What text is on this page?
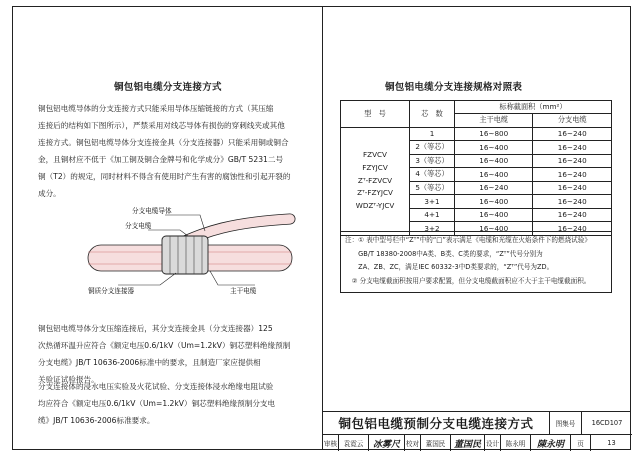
铜包铝电缆分支连接方式
铜包铝电缆导体的分支连接方式只能采用导体压缩链接的方式（其压缩
连接后的结构如下图所示），严禁采用对线芯导体有损伤的穿刺线夹或其他
连接方式。铜包铝电缆导体分支连接金具（分支连接器）只能采用铜或铜合
金，且铜材应不低于《加工铜及铜合金牌号和化学成分》GB/T 5231二号
铜（T2）的规定，同时材料不得含有使用时产生有害的腐蚀性和引起开裂的
成分。
分支电缆导体
分支电缆
铜质分支连接器	主干电缆
铜包铝电缆导体分支压缩连接后，其分支连接金具（分支连接器）125
次热循环温升应符合《额定电压0.6/1kV（Um=1.2kV）铜芯塑料绝缘预制
分支电缆》JB/T 10636-2006标准中的要求，且制造厂家应提供相
关验证试验报告。
分支连接体的浸水电压实验及火花试验、分支连接体浸水绝缘电阻试验
均应符合《额定电压0.6/1kV（Um=1.2kV）铜芯塑料绝缘预制分支电
缆》JB/T 10636-2006标准要求。
铜包铝电缆分支连接规格对照表
型　号	芯　数	标称截面积（mm²）	
		主干电缆	分支电缆

FZVCV
FZYJCV
Zᵀ-FZVCV
Zᵀ-FZYJCV
WDZᵀ-YJCV	1	16~800	16~240
	2（等芯）	16~400	16~240
	3（等芯）	16~400	16~240
	4（等芯）	16~400	16~240
	5（等芯）	16~240	16~240
	3+1	16~400	16~240
	4+1	16~400	16~240
	3+2	16~400	16~240
注：① 表中型号栏中“Zᵀ”中的“□”表示满足《电缆和光缆在火焰条件下的燃烧试验》
　　GB/T 18380-2008中A类、B类、C类的要求，“Zᵀ”代号分别为
　　ZA、ZB、ZC，满足IEC 60332-3中D类要求的，“Zᵀ”代号为ZD。
　② 分支电缆截面积按用户要求配置，但分支电缆截面积应不大于主干电缆截面积。
铜包铝电缆预制分支电缆连接方式	图集号	16CD107
审核 袁霓云	冰雾尺 校对 董国民 董国民 设计 陈永明	陳永明	页	13
